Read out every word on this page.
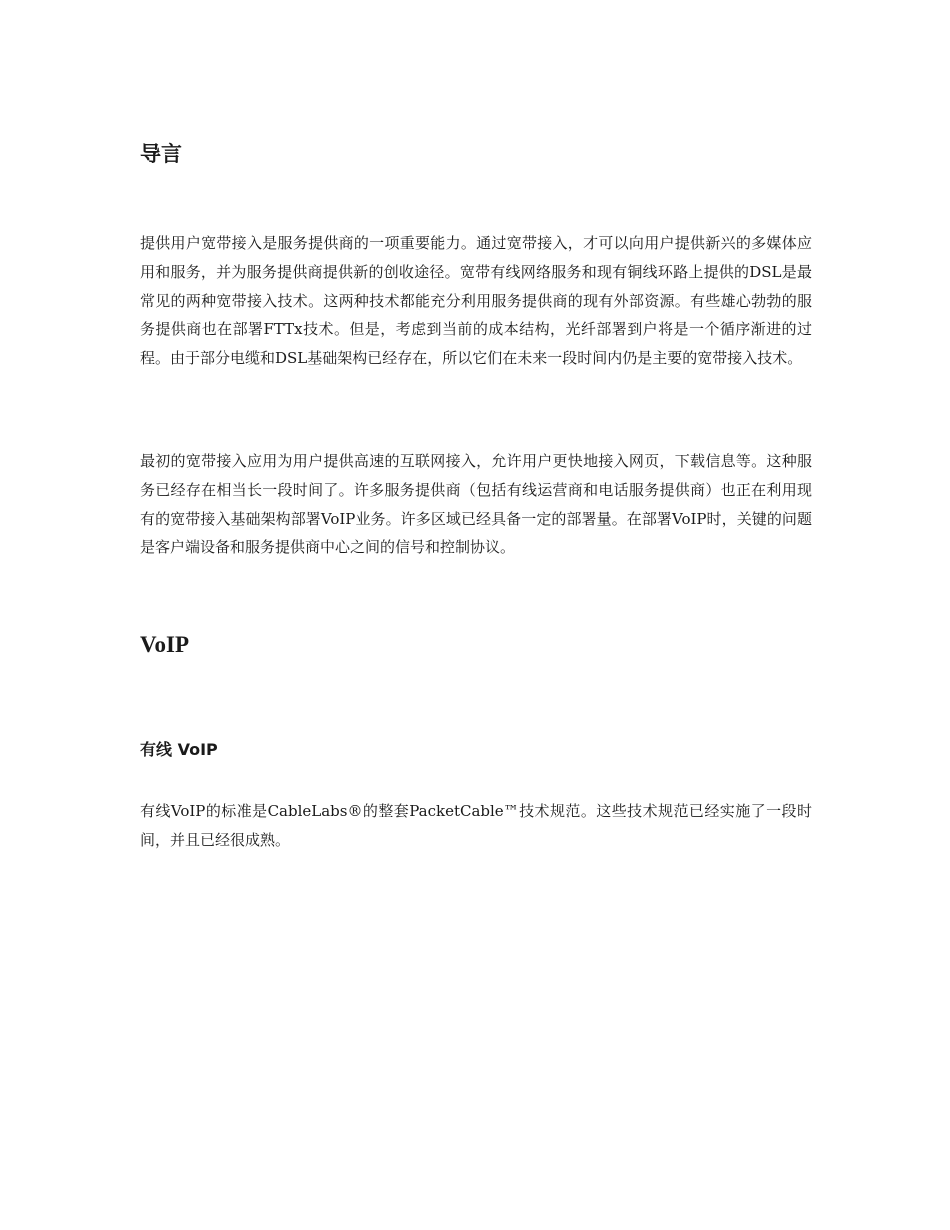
导言

提供用户宽带接入是服务提供商的一项重要能力。通过宽带接入，才可以向用户提供新兴的多媒体应用和服务，并为服务提供商提供新的创收途径。宽带有线网络服务和现有铜线环路上提供的DSL是最常见的两种宽带接入技术。这两种技术都能充分利用服务提供商的现有外部资源。有些雄心勃勃的服务提供商也在部署FTTx技术。但是，考虑到当前的成本结构，光纤部署到户将是一个循序渐进的过程。由于部分电缆和DSL基础架构已经存在，所以它们在未来一段时间内仍是主要的宽带接入技术。

最初的宽带接入应用为用户提供高速的互联网接入，允许用户更快地接入网页，下载信息等。这种服务已经存在相当长一段时间了。许多服务提供商（包括有线运营商和电话服务提供商）也正在利用现有的宽带接入基础架构部署VoIP业务。许多区域已经具备一定的部署量。在部署VoIP时，关键的问题是客户端设备和服务提供商中心之间的信号和控制协议。

VoIP
有线 VoIP

有线VoIP的标准是CableLabs®的整套PacketCable™技术规范。这些技术规范已经实施了一段时间，并且已经很成熟。
